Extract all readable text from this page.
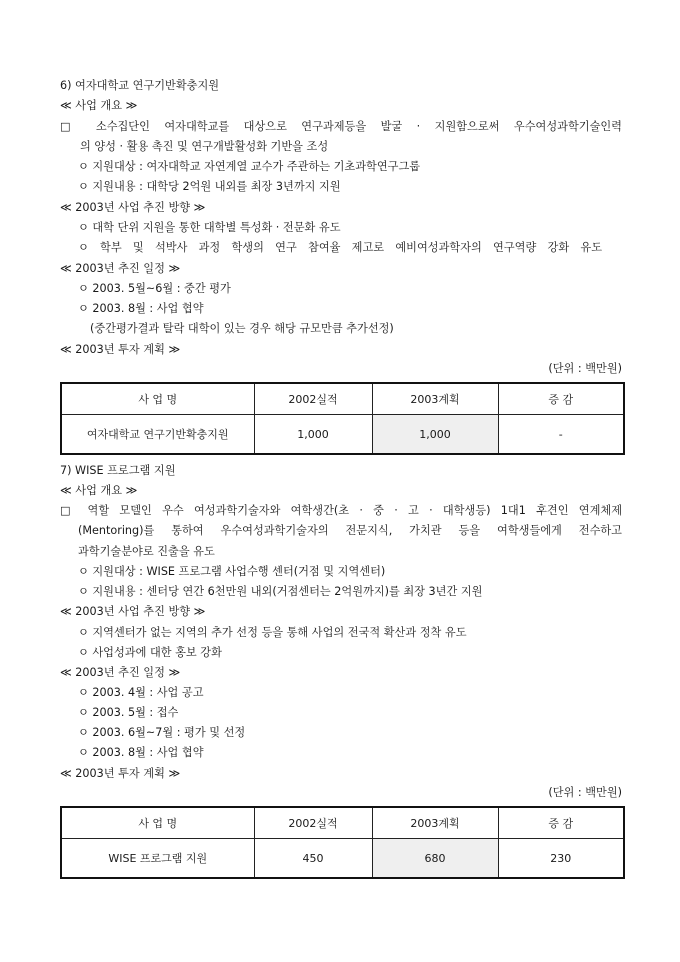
6) 여자대학교 연구기반확충지원
≪ 사업 개요 ≫
□ 소수집단인 여자대학교를 대상으로 연구과제등을 발굴 · 지원함으로써 우수여성과학기술인력
의 양성 · 활용 촉진 및 연구개발활성화 기반을 조성
ㅇ 지원대상 : 여자대학교 자연계열 교수가 주관하는 기초과학연구그룹
ㅇ 지원내용 : 대학당 2억원 내외를 최장 3년까지 지원
≪ 2003년 사업 추진 방향 ≫
ㅇ 대학 단위 지원을 통한 대학별 특성화 · 전문화 유도
ㅇ 학부 및 석박사 과정 학생의 연구 참여율 제고로 예비여성과학자의 연구역량 강화 유도
≪ 2003년 추진 일정 ≫
ㅇ 2003. 5월~6월 : 중간 평가
ㅇ 2003. 8월 : 사업 협약
(중간평가결과 탈락 대학이 있는 경우 해당 규모만큼 추가선정)
≪ 2003년 투자 계획 ≫
(단위 : 백만원)
사 업 명	2002실적	2003계획	증 감
여자대학교 연구기반확충지원	1,000	1,000	-
7) WISE 프로그램 지원
≪ 사업 개요 ≫
□ 역할 모델인 우수 여성과학기술자와 여학생간(초 · 중 · 고 · 대학생등) 1대1 후견인 연계체제
(Mentoring)를 통하여 우수여성과학기술자의 전문지식, 가치관 등을 여학생들에게 전수하고
과학기술분야로 진출을 유도
ㅇ 지원대상 : WISE 프로그램 사업수행 센터(거점 및 지역센터)
ㅇ 지원내용 : 센터당 연간 6천만원 내외(거점센터는 2억원까지)를 최장 3년간 지원
≪ 2003년 사업 추진 방향 ≫
ㅇ 지역센터가 없는 지역의 추가 선정 등을 통해 사업의 전국적 확산과 정착 유도
ㅇ 사업성과에 대한 홍보 강화
≪ 2003년 추진 일정 ≫
ㅇ 2003. 4월 : 사업 공고
ㅇ 2003. 5월 : 접수
ㅇ 2003. 6월~7월 : 평가 및 선정
ㅇ 2003. 8월 : 사업 협약
≪ 2003년 투자 계획 ≫
(단위 : 백만원)
사 업 명	2002실적	2003계획	증 감
WISE 프로그램 지원	450	680	230
